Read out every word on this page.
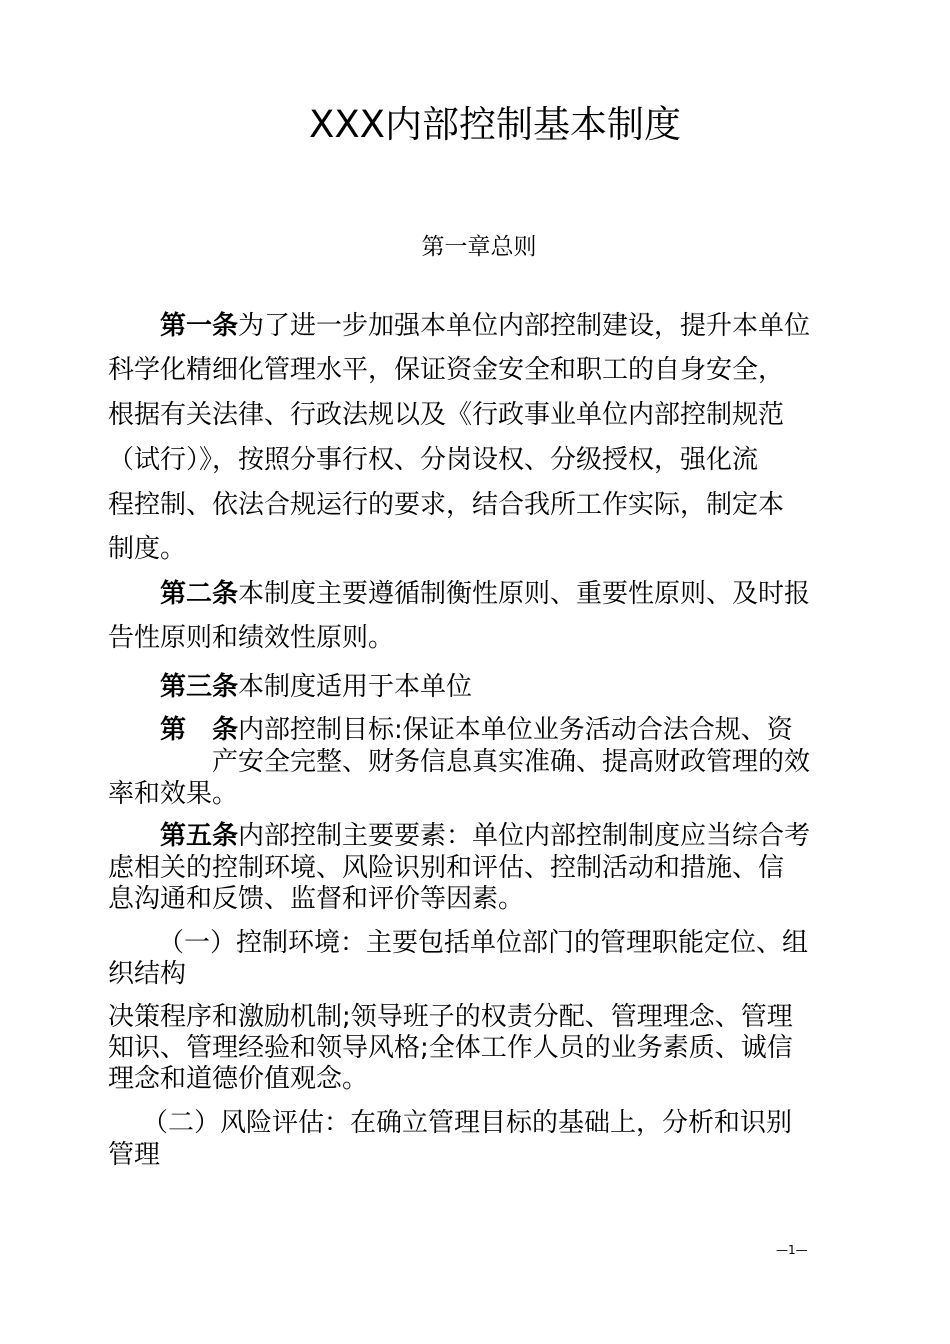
XXX内部控制基本制度
第一章总则
第一条为了进一步加强本单位内部控制建设，提升本单位
科学化精细化管理水平，保证资金安全和职工的自身安全，
根据有关法律、行政法规以及《行政事业单位内部控制规范
（试行）》，按照分事行权、分岗设权、分级授权，强化流
程控制、依法合规运行的要求，结合我所工作实际，制定本
制度。
第二条本制度主要遵循制衡性原则、重要性原则、及时报
告性原则和绩效性原则。
第三条本制度适用于本单位
第 条内部控制目标:保证本单位业务活动合法合规、资
产安全完整、财务信息真实准确、提高财政管理的效
率和效果。
第五条内部控制主要要素：单位内部控制制度应当综合考
虑相关的控制环境、风险识别和评估、控制活动和措施、信
息沟通和反馈、监督和评价等因素。
（一）控制环境：主要包括单位部门的管理职能定位、组
织结构
决策程序和激励机制;领导班子的权责分配、管理理念、管理
知识、管理经验和领导风格;全体工作人员的业务素质、诚信
理念和道德价值观念。
（二）风险评估：在确立管理目标的基础上，分析和识别
管理
—1—
